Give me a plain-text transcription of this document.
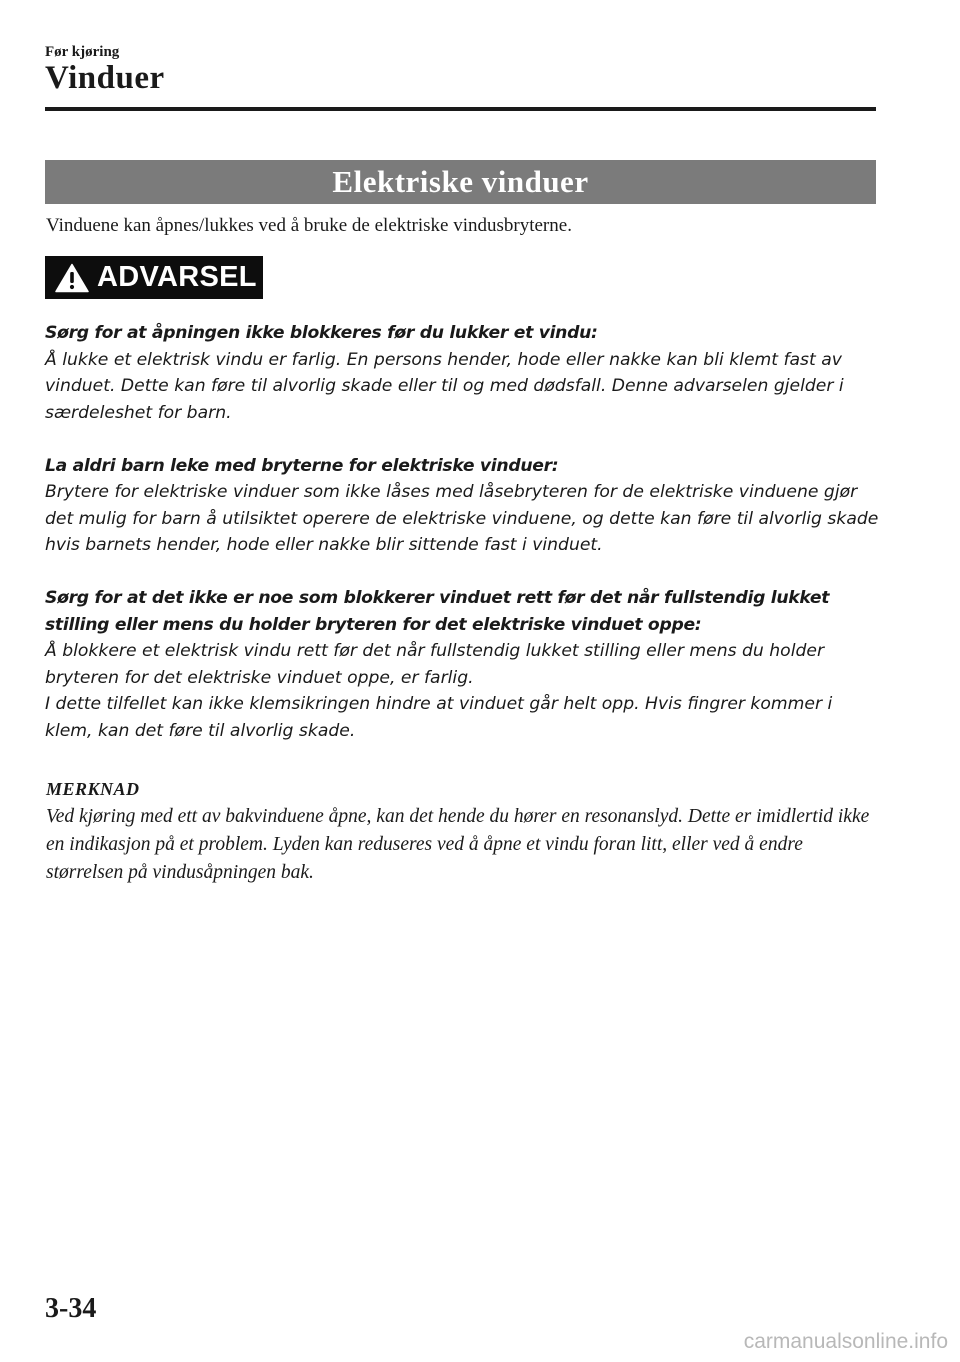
Før kjøring
Vinduer
Elektriske vinduer
Vinduene kan åpnes/lukkes ved å bruke de elektriske vindusbryterne.
ADVARSEL
Sørg for at åpningen ikke blokkeres før du lukker et vindu:
Å lukke et elektrisk vindu er farlig. En persons hender, hode eller nakke kan bli klemt fast av vinduet. Dette kan føre til alvorlig skade eller til og med dødsfall. Denne advarselen gjelder i særdeleshet for barn.
La aldri barn leke med bryterne for elektriske vinduer:
Brytere for elektriske vinduer som ikke låses med låsebryteren for de elektriske vinduene gjør det mulig for barn å utilsiktet operere de elektriske vinduene, og dette kan føre til alvorlig skade hvis barnets hender, hode eller nakke blir sittende fast i vinduet.
Sørg for at det ikke er noe som blokkerer vinduet rett før det når fullstendig lukket stilling eller mens du holder bryteren for det elektriske vinduet oppe:
Å blokkere et elektrisk vindu rett før det når fullstendig lukket stilling eller mens du holder bryteren for det elektriske vinduet oppe, er farlig.
I dette tilfellet kan ikke klemsikringen hindre at vinduet går helt opp. Hvis fingrer kommer i klem, kan det føre til alvorlig skade.
MERKNAD
Ved kjøring med ett av bakvinduene åpne, kan det hende du hører en resonanslyd. Dette er imidlertid ikke en indikasjon på et problem. Lyden kan reduseres ved å åpne et vindu foran litt, eller ved å endre størrelsen på vindusåpningen bak.
3-34
carmanualsonline.info
